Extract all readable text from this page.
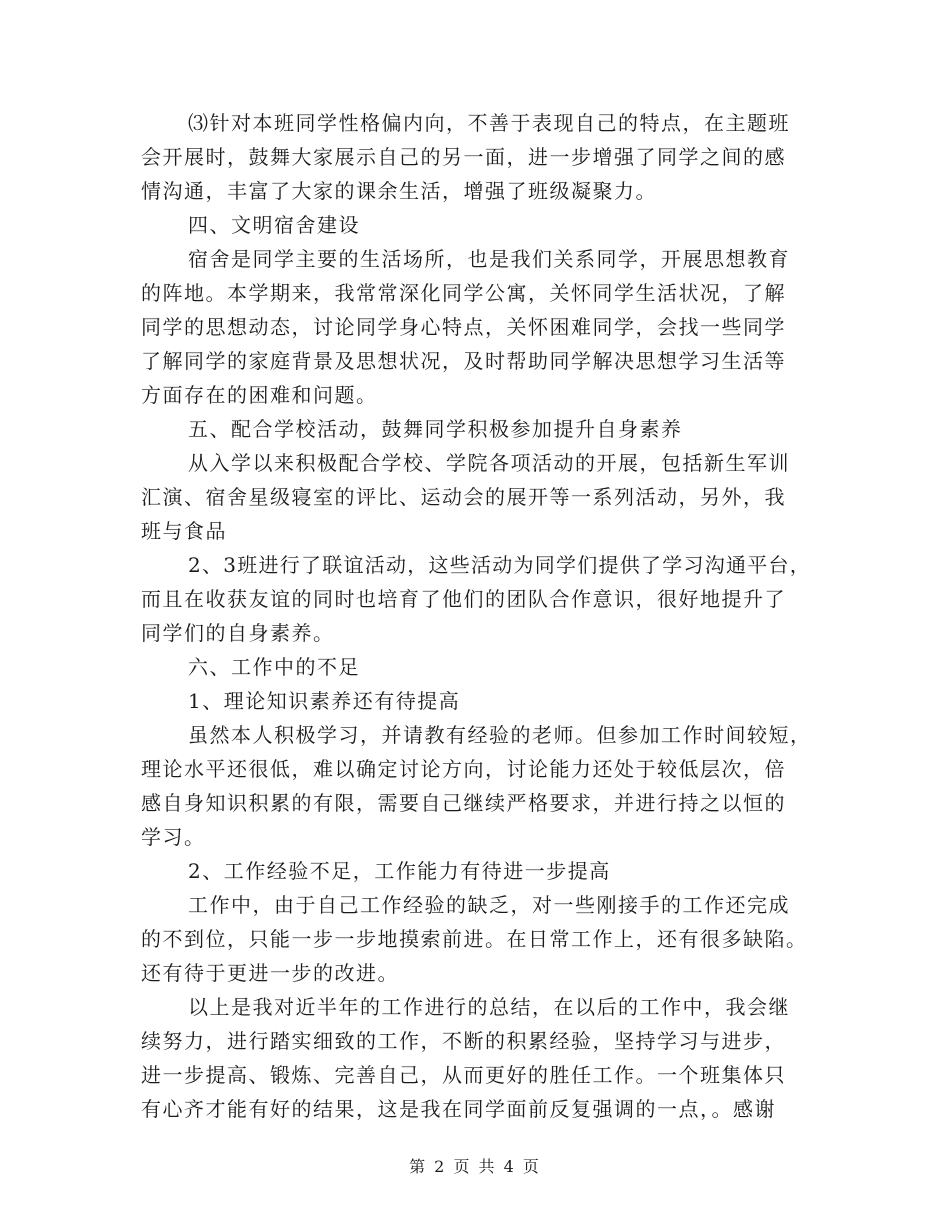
⑶针对本班同学性格偏内向，不善于表现自己的特点，在主题班
会开展时，鼓舞大家展示自己的另一面，进一步增强了同学之间的感
情沟通，丰富了大家的课余生活，增强了班级凝聚力。
四、文明宿舍建设
宿舍是同学主要的生活场所，也是我们关系同学，开展思想教育
的阵地。本学期来，我常常深化同学公寓，关怀同学生活状况，了解
同学的思想动态，讨论同学身心特点，关怀困难同学，会找一些同学
了解同学的家庭背景及思想状况，及时帮助同学解决思想学习生活等
方面存在的困难和问题。
五、配合学校活动，鼓舞同学积极参加提升自身素养
从入学以来积极配合学校、学院各项活动的开展，包括新生军训
汇演、宿舍星级寝室的评比、运动会的展开等一系列活动，另外，我
班与食品
2、3班进行了联谊活动，这些活动为同学们提供了学习沟通平台，
而且在收获友谊的同时也培育了他们的团队合作意识，很好地提升了
同学们的自身素养。
六、工作中的不足
1、理论知识素养还有待提高
虽然本人积极学习，并请教有经验的老师。但参加工作时间较短，
理论水平还很低，难以确定讨论方向，讨论能力还处于较低层次，倍
感自身知识积累的有限，需要自己继续严格要求，并进行持之以恒的
学习。
2、工作经验不足，工作能力有待进一步提高
工作中，由于自己工作经验的缺乏，对一些刚接手的工作还完成
的不到位，只能一步一步地摸索前进。在日常工作上，还有很多缺陷。
还有待于更进一步的改进。
以上是我对近半年的工作进行的总结，在以后的工作中，我会继
续努力，进行踏实细致的工作，不断的积累经验，坚持学习与进步，
进一步提高、锻炼、完善自己，从而更好的胜任工作。一个班集体只
有心齐才能有好的结果，这是我在同学面前反复强调的一点，。感谢
第 2 页 共 4 页
